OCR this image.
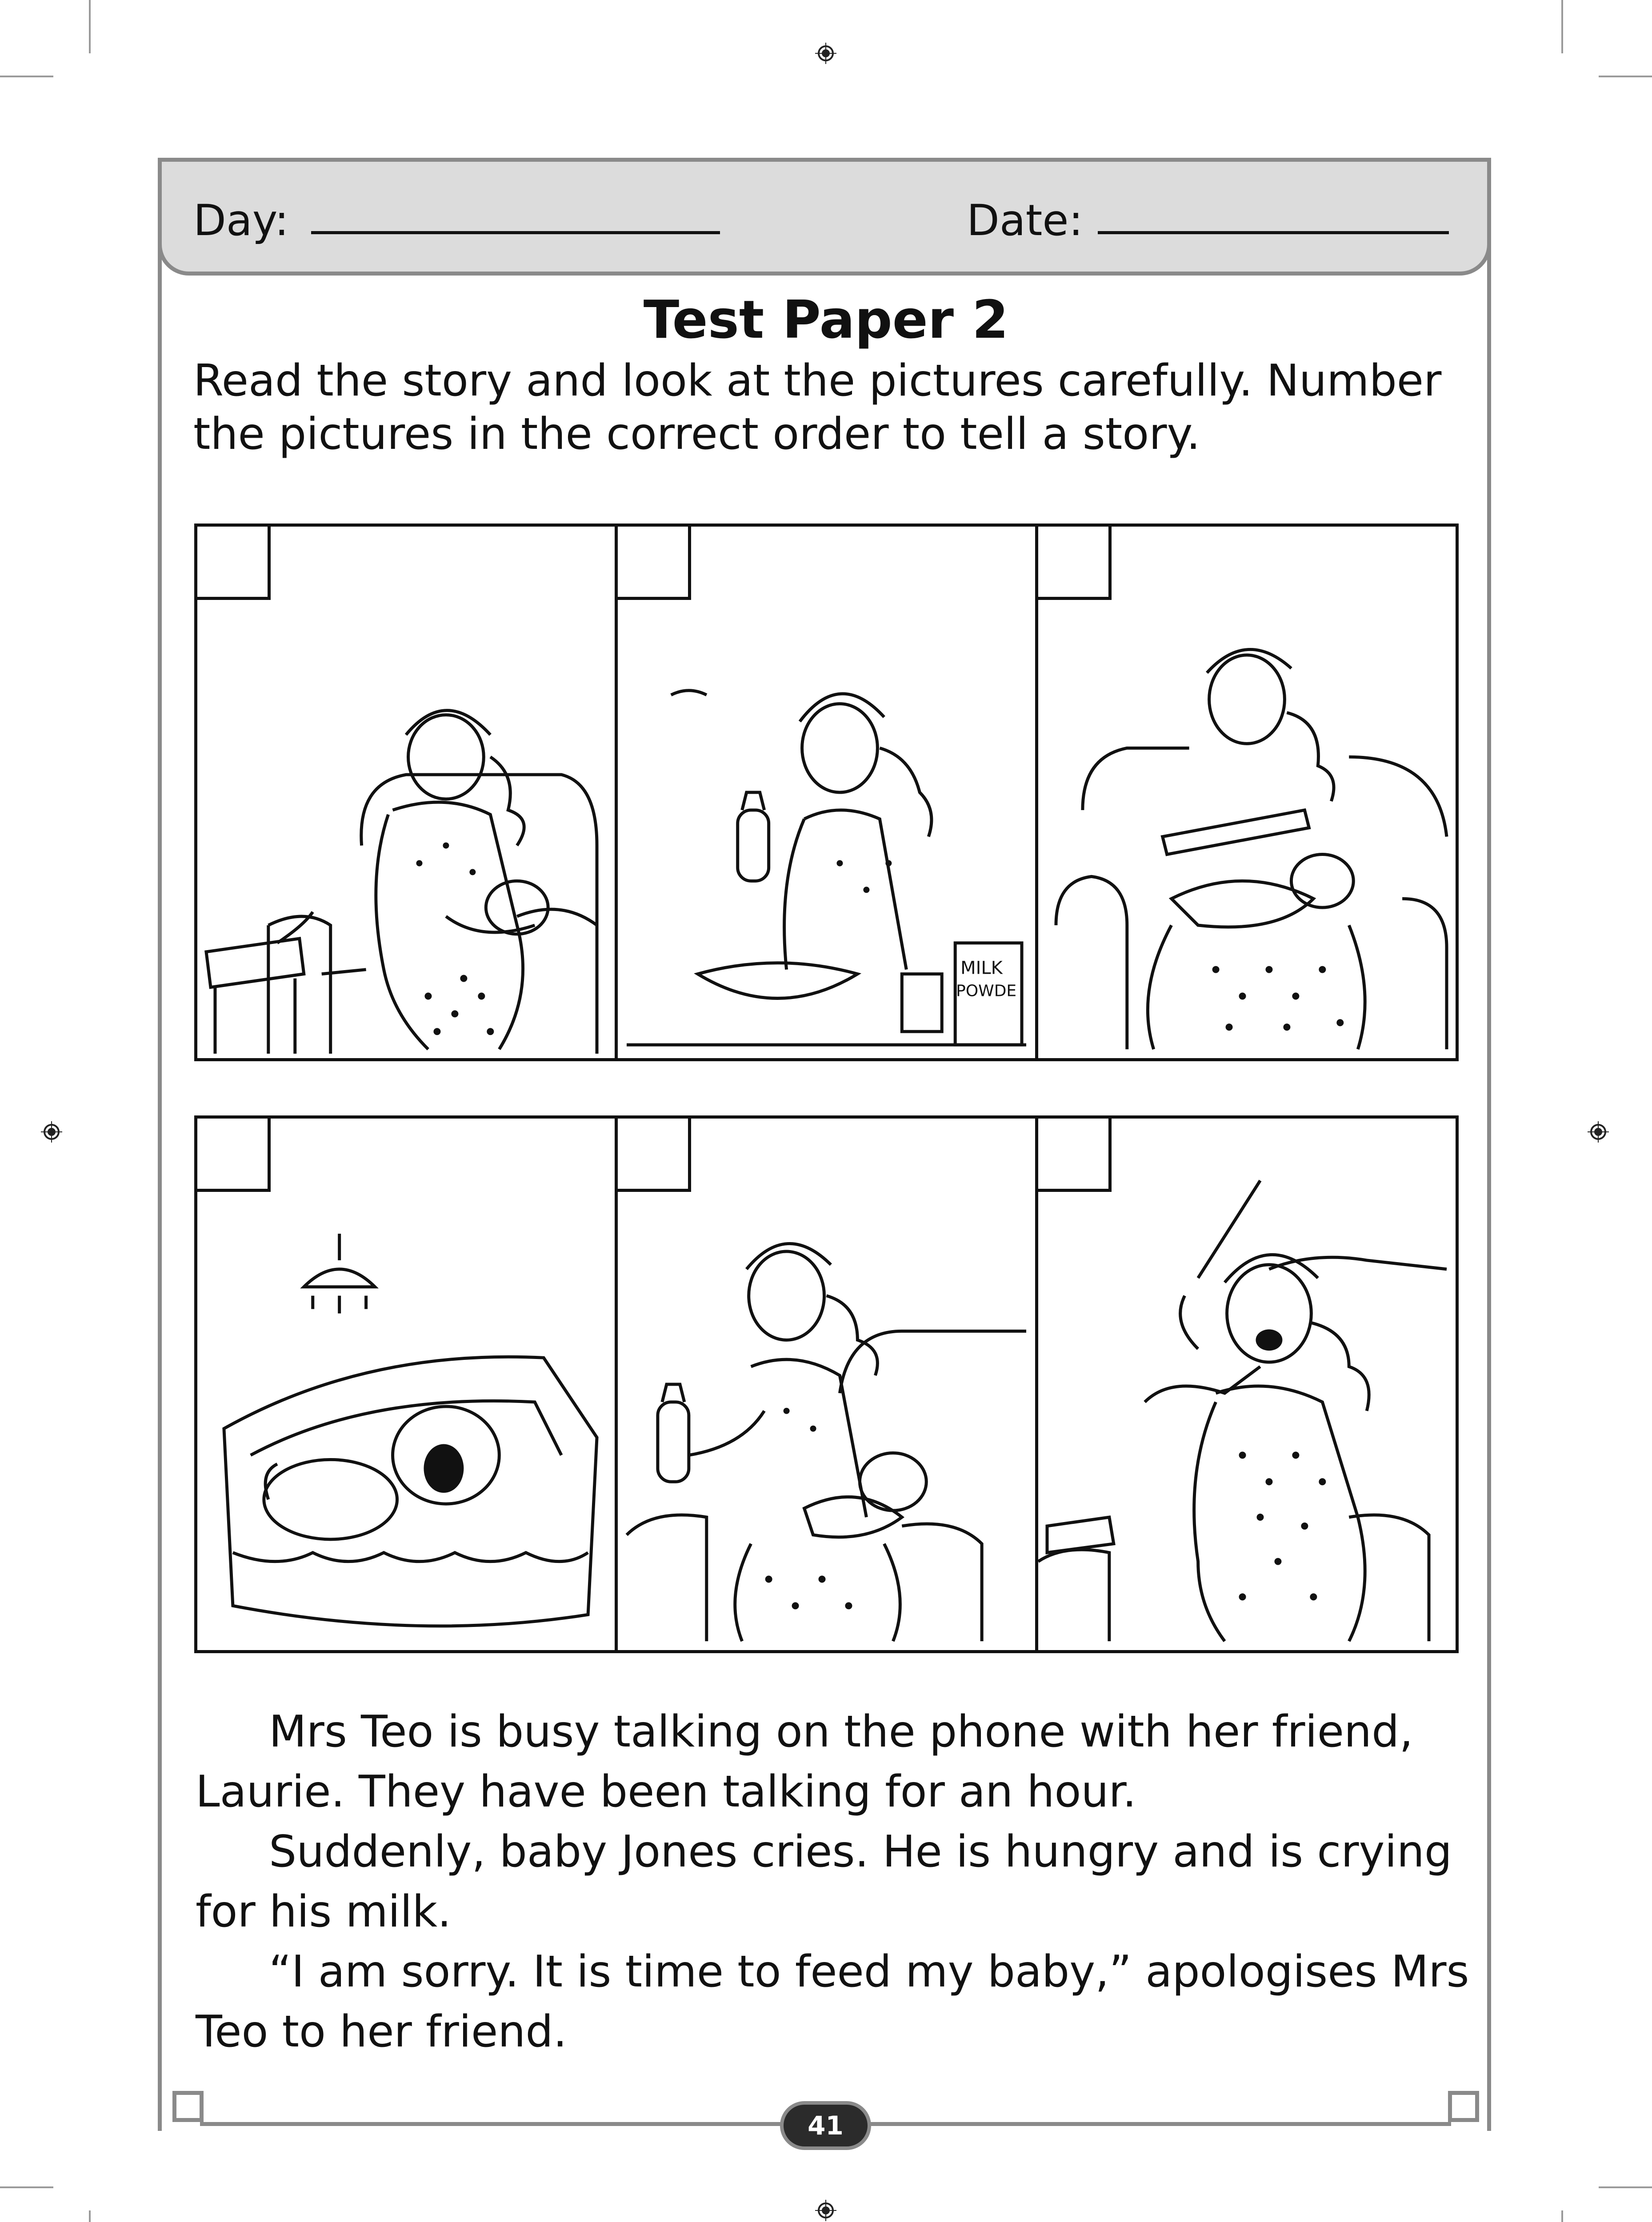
Day:	Date:
Test Paper 2
Read the story and look at the pictures carefully. Number
the pictures in the correct order to tell a story.
MILK
POWDE
Mrs Teo is busy talking on the phone with her friend,
Laurie. They have been talking for an hour.
Suddenly, baby Jones cries. He is hungry and is crying
for his milk.
“I am sorry. It is time to feed my baby,” apologises Mrs
Teo to her friend.
41
